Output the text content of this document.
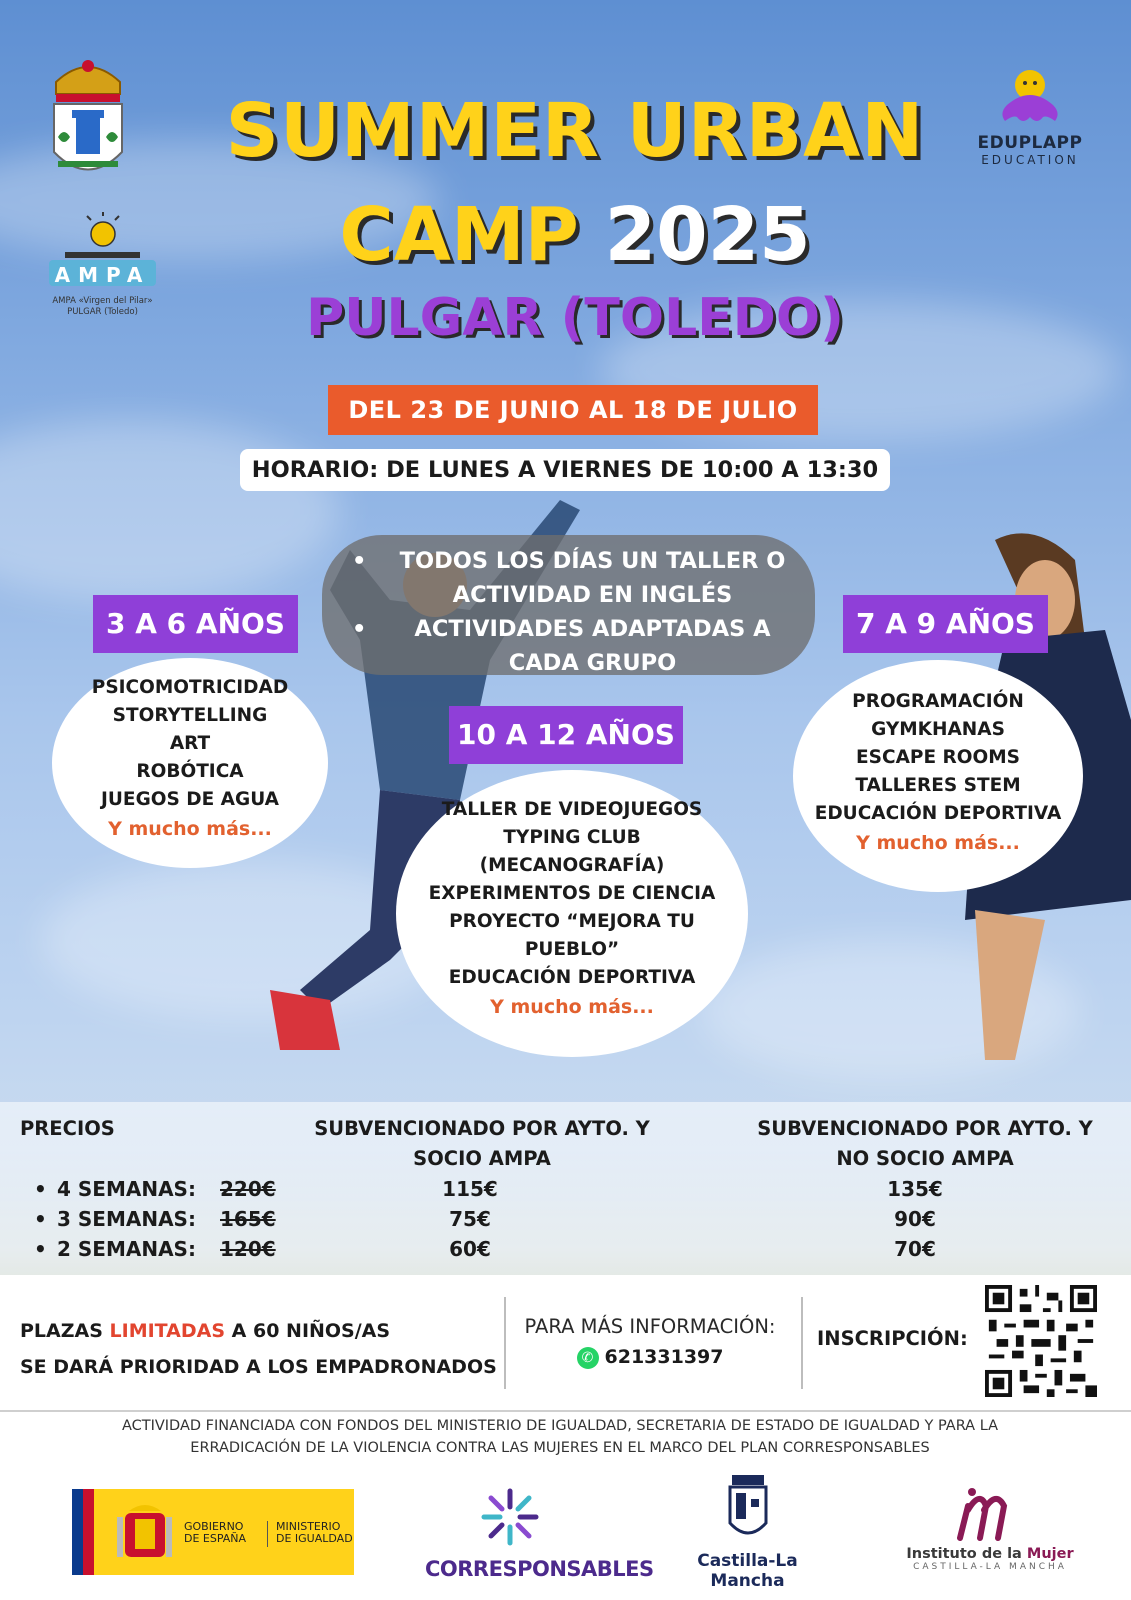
AMPA
AMPA «Virgen del Pilar»
PULGAR (Toledo)
EDUPLAPP
EDUCATION
SUMMER URBAN
CAMP 2025
PULGAR (TOLEDO)
DEL 23 DE JUNIO AL 18 DE JULIO
HORARIO: DE LUNES A VIERNES DE 10:00 A 13:30
• TODOS LOS DÍAS UN TALLER O ACTIVIDAD EN INGLÉS
• ACTIVIDADES ADAPTADAS A CADA GRUPO
3 A 6 AÑOS
PSICOMOTRICIDAD
STORYTELLING
ART
ROBÓTICA
JUEGOS DE AGUA
Y mucho más...
7 A 9 AÑOS
PROGRAMACIÓN
GYMKHANAS
ESCAPE ROOMS
TALLERES STEM
EDUCACIÓN DEPORTIVA
Y mucho más...
10 A 12 AÑOS
TALLER DE VIDEOJUEGOS
TYPING CLUB
(MECANOGRAFÍA)
EXPERIMENTOS DE CIENCIA
PROYECTO “MEJORA TU
PUEBLO”
EDUCACIÓN DEPORTIVA
Y mucho más...
PRECIOS	SUBVENCIONADO POR AYTO. Y
SOCIO AMPA
SUBVENCIONADO POR AYTO. Y
NO SOCIO AMPA
• 4 SEMANAS: 220€	115€	135€
• 3 SEMANAS: 165€	75€	90€
• 2 SEMANAS: 120€	60€	70€
PLAZAS LIMITADAS A 60 NIÑOS/AS
SE DARÁ PRIORIDAD A LOS EMPADRONADOS
PARA MÁS INFORMACIÓN:
✆ 621331397
INSCRIPCIÓN:
ACTIVIDAD FINANCIADA CON FONDOS DEL MINISTERIO DE IGUALDAD, SECRETARIA DE ESTADO DE IGUALDAD Y PARA LA ERRADICACIÓN DE LA VIOLENCIA CONTRA LAS MUJERES EN EL MARCO DEL PLAN CORRESPONSABLES
GOBIERNO
DE ESPAÑA
MINISTERIO
DE IGUALDAD
CORRESPONSABLES	Castilla-La Mancha
Instituto de la Mujer
CASTILLA-LA MANCHA
